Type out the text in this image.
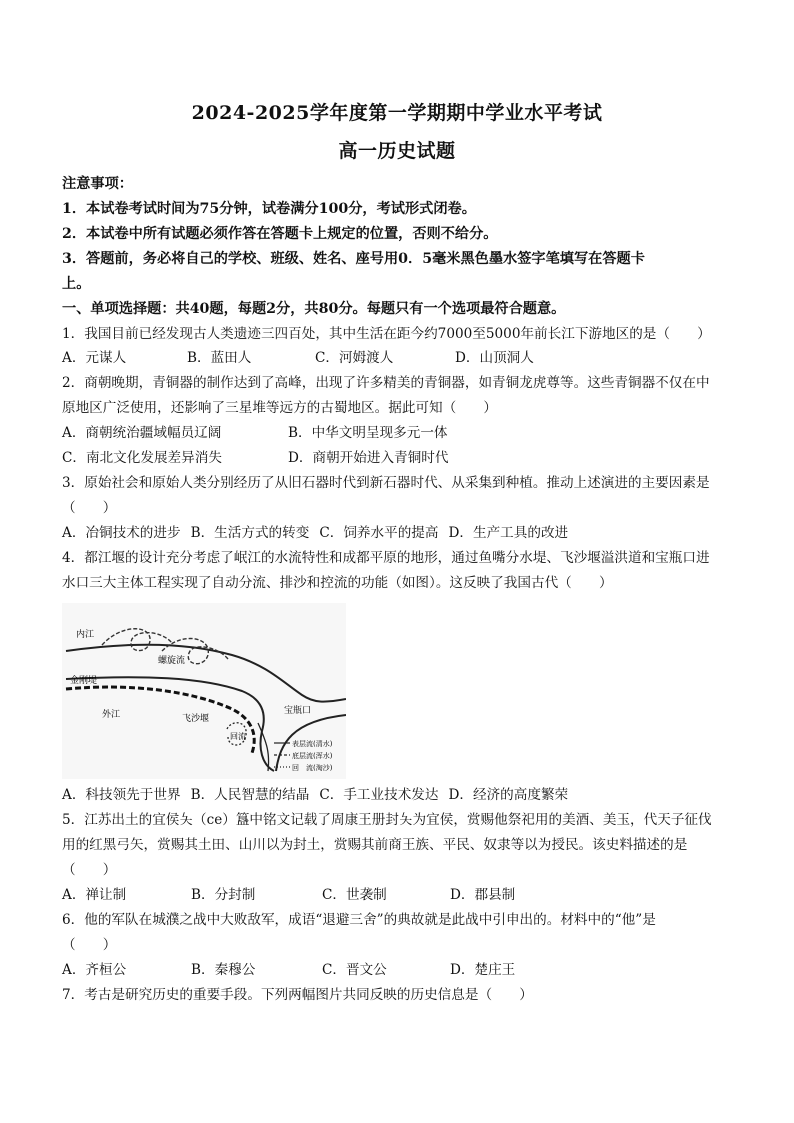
2024-2025学年度第一学期期中学业水平考试
高一历史试题
注意事项：
1．本试卷考试时间为75分钟，试卷满分100分，考试形式闭卷。
2．本试卷中所有试题必须作答在答题卡上规定的位置，否则不给分。
3．答题前，务必将自己的学校、班级、姓名、座号用0．5毫米黑色墨水签字笔填写在答题卡
上。
一、单项选择题：共40题，每题2分，共80分。每题只有一个选项最符合题意。
1．我国目前已经发现古人类遗迹三四百处，其中生活在距今约7000至5000年前长江下游地区的是（　　）
A．元谋人	B．蓝田人	C．河姆渡人	D．山顶洞人
2．商朝晚期，青铜器的制作达到了高峰，出现了许多精美的青铜器，如青铜龙虎尊等。这些青铜器不仅在中
原地区广泛使用，还影响了三星堆等远方的古蜀地区。据此可知（　　）
A．商朝统治疆域幅员辽阔	B．中华文明呈现多元一体
C．南北文化发展差异消失	D．商朝开始进入青铜时代
3．原始社会和原始人类分别经历了从旧石器时代到新石器时代、从采集到种植。推动上述演进的主要因素是
（　　）
A．冶铜技术的进步 B．生活方式的转变 C．饲养水平的提高 D．生产工具的改进
4．都江堰的设计充分考虑了岷江的水流特性和成都平原的地形，通过鱼嘴分水堤、飞沙堰溢洪道和宝瓶口进
水口三大主体工程实现了自动分流、排沙和控流的功能（如图）。这反映了我国古代（　　）
内江
螺旋流
金刚堤
外江	飞沙堰
宝瓶口
回流
表层流(清水)
底层流(浑水)
回　流(淘沙)
A．科技领先于世界 B．人民智慧的结晶 C．手工业技术发达 D．经济的高度繁荣
5．江苏出土的宜侯夨（ce）簋中铭文记载了周康王册封夨为宜侯，赏赐他祭祀用的美酒、美玉，代天子征伐
用的红黑弓矢，赏赐其土田、山川以为封土，赏赐其前商王族、平民、奴隶等以为授民。该史料描述的是
（　　）
A．禅让制	B．分封制	C．世袭制	D．郡县制
6．他的军队在城濮之战中大败敌军，成语“退避三舍”的典故就是此战中引申出的。材料中的“他”是
（　　）
A．齐桓公	B．秦穆公	C．晋文公	D．楚庄王
7．考古是研究历史的重要手段。下列两幅图片共同反映的历史信息是（　　）
